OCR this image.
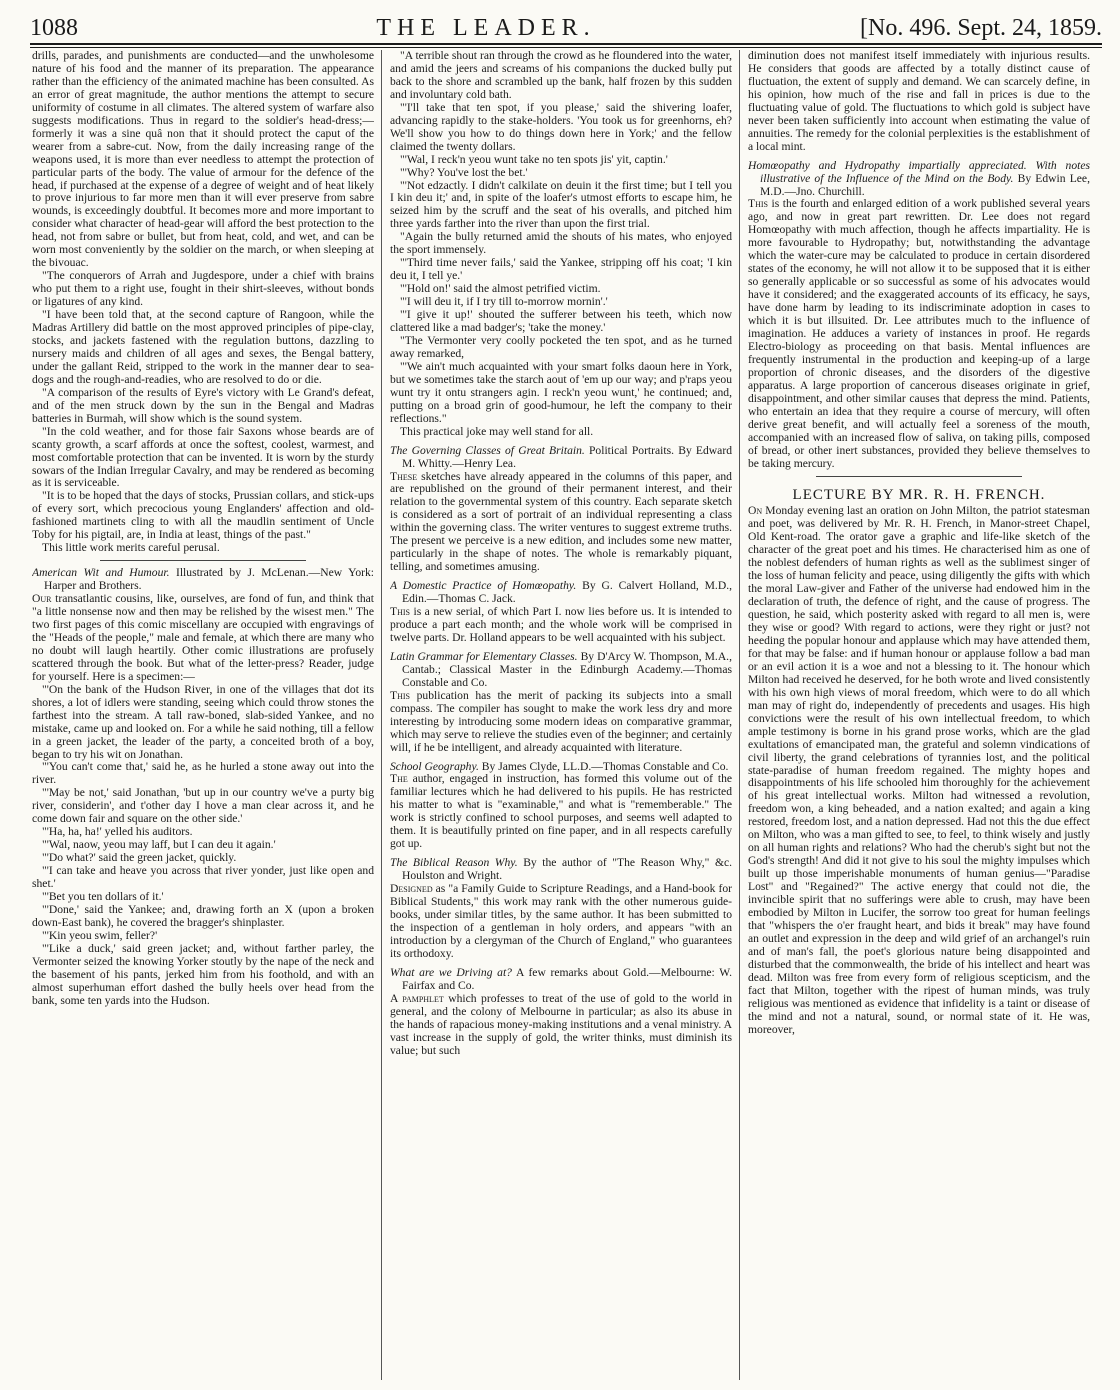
1088	THE LEADER.	[No. 496. Sept. 24, 1859.

drills, parades, and punishments are conducted—and the unwholesome nature of his food and the manner of its preparation. The appearance rather than the efficiency of the animated machine has been consulted. As an error of great magnitude, the author mentions the attempt to secure uniformity of costume in all climates. The altered system of warfare also suggests modifications. Thus in regard to the soldier's head-dress;—formerly it was a sine quâ non that it should protect the caput of the wearer from a sabre-cut. Now, from the daily increasing range of the weapons used, it is more than ever needless to attempt the protection of particular parts of the body. The value of armour for the defence of the head, if purchased at the expense of a degree of weight and of heat likely to prove injurious to far more men than it will ever preserve from sabre wounds, is exceedingly doubtful. It becomes more and more important to consider what character of head-gear will afford the best protection to the head, not from sabre or bullet, but from heat, cold, and wet, and can be worn most conveniently by the soldier on the march, or when sleeping at the bivouac.

"The conquerors of Arrah and Jugdespore, under a chief with brains who put them to a right use, fought in their shirt-sleeves, without bonds or ligatures of any kind.

"I have been told that, at the second capture of Rangoon, while the Madras Artillery did battle on the most approved principles of pipe-clay, stocks, and jackets fastened with the regulation buttons, dazzling to nursery maids and children of all ages and sexes, the Bengal battery, under the gallant Reid, stripped to the work in the manner dear to sea-dogs and the rough-and-readies, who are resolved to do or die.

"A comparison of the results of Eyre's victory with Le Grand's defeat, and of the men struck down by the sun in the Bengal and Madras batteries in Burmah, will show which is the sound system.

"In the cold weather, and for those fair Saxons whose beards are of scanty growth, a scarf affords at once the softest, coolest, warmest, and most comfortable protection that can be invented. It is worn by the sturdy sowars of the Indian Irregular Cavalry, and may be rendered as becoming as it is serviceable.

"It is to be hoped that the days of stocks, Prussian collars, and stick-ups of every sort, which precocious young Englanders' affection and old-fashioned martinets cling to with all the maudlin sentiment of Uncle Toby for his pigtail, are, in India at least, things of the past."

This little work merits careful perusal.

American Wit and Humour. Illustrated by J. McLenan.—New York: Harper and Brothers.
Our transatlantic cousins, like, ourselves, are fond of fun, and think that "a little nonsense now and then may be relished by the wisest men." The two first pages of this comic miscellany are occupied with engravings of the "Heads of the people," male and female, at which there are many who no doubt will laugh heartily. Other comic illustrations are profusely scattered through the book. But what of the letter-press? Reader, judge for yourself. Here is a specimen:—

"'On the bank of the Hudson River, in one of the villages that dot its shores, a lot of idlers were standing, seeing which could throw stones the farthest into the stream. A tall raw-boned, slab-sided Yankee, and no mistake, came up and looked on. For a while he said nothing, till a fellow in a green jacket, the leader of the party, a conceited broth of a boy, began to try his wit on Jonathan.

"'You can't come that,' said he, as he hurled a stone away out into the river.

"'May be not,' said Jonathan, 'but up in our country we've a purty big river, considerin', and t'other day I hove a man clear across it, and he come down fair and square on the other side.'

"'Ha, ha, ha!' yelled his auditors.

"'Wal, naow, yeou may laff, but I can deu it again.'

"'Do what?' said the green jacket, quickly.

"'I can take and heave you across that river yonder, just like open and shet.'

"'Bet you ten dollars of it.'

"'Done,' said the Yankee; and, drawing forth an X (upon a broken down-East bank), he covered the bragger's shinplaster.

"'Kin yeou swim, feller?'

"'Like a duck,' said green jacket; and, without farther parley, the Vermonter seized the knowing Yorker stoutly by the nape of the neck and the basement of his pants, jerked him from his foothold, and with an almost superhuman effort dashed the bully heels over head from the bank, some ten yards into the Hudson.

"A terrible shout ran through the crowd as he floundered into the water, and amid the jeers and screams of his companions the ducked bully put back to the shore and scrambled up the bank, half frozen by this sudden and involuntary cold bath.

"'I'll take that ten spot, if you please,' said the shivering loafer, advancing rapidly to the stake-holders. 'You took us for greenhorns, eh? We'll show you how to do things down here in York;' and the fellow claimed the twenty dollars.

"'Wal, I reck'n yeou wunt take no ten spots jis' yit, captin.'

"'Why? You've lost the bet.'

"'Not edzactly. I didn't calkilate on deuin it the first time; but I tell you I kin deu it;' and, in spite of the loafer's utmost efforts to escape him, he seized him by the scruff and the seat of his overalls, and pitched him three yards farther into the river than upon the first trial.

"Again the bully returned amid the shouts of his mates, who enjoyed the sport immensely.

"'Third time never fails,' said the Yankee, stripping off his coat; 'I kin deu it, I tell ye.'

"'Hold on!' said the almost petrified victim.

"'I will deu it, if I try till to-morrow mornin'.'

"'I give it up!' shouted the sufferer between his teeth, which now clattered like a mad badger's; 'take the money.'

"The Vermonter very coolly pocketed the ten spot, and as he turned away remarked,

"'We ain't much acquainted with your smart folks daoun here in York, but we sometimes take the starch aout of 'em up our way; and p'raps yeou wunt try it ontu strangers agin. I reck'n yeou wunt,' he continued; and, putting on a broad grin of good-humour, he left the company to their reflections."

This practical joke may well stand for all.

The Governing Classes of Great Britain. Political Portraits. By Edward M. Whitty.—Henry Lea.
These sketches have already appeared in the columns of this paper, and are republished on the ground of their permanent interest, and their relation to the governmental system of this country. Each separate sketch is considered as a sort of portrait of an individual representing a class within the governing class. The writer ventures to suggest extreme truths. The present we perceive is a new edition, and includes some new matter, particularly in the shape of notes. The whole is remarkably piquant, telling, and sometimes amusing.

A Domestic Practice of Homœopathy. By G. Calvert Holland, M.D., Edin.—Thomas C. Jack.
This is a new serial, of which Part I. now lies before us. It is intended to produce a part each month; and the whole work will be comprised in twelve parts. Dr. Holland appears to be well acquainted with his subject.

Latin Grammar for Elementary Classes. By D'Arcy W. Thompson, M.A., Cantab.; Classical Master in the Edinburgh Academy.—Thomas Constable and Co.
This publication has the merit of packing its subjects into a small compass. The compiler has sought to make the work less dry and more interesting by introducing some modern ideas on comparative grammar, which may serve to relieve the studies even of the beginner; and certainly will, if he be intelligent, and already acquainted with literature.

School Geography. By James Clyde, LL.D.—Thomas Constable and Co.
The author, engaged in instruction, has formed this volume out of the familiar lectures which he had delivered to his pupils. He has restricted his matter to what is "examinable," and what is "rememberable." The work is strictly confined to school purposes, and seems well adapted to them. It is beautifully printed on fine paper, and in all respects carefully got up.

The Biblical Reason Why. By the author of "The Reason Why," &c. Houlston and Wright.
Designed as "a Family Guide to Scripture Readings, and a Hand-book for Biblical Students," this work may rank with the other numerous guide-books, under similar titles, by the same author. It has been submitted to the inspection of a gentleman in holy orders, and appears "with an introduction by a clergyman of the Church of England," who guarantees its orthodoxy.

What are we Driving at? A few remarks about Gold.—Melbourne: W. Fairfax and Co.
A pamphlet which professes to treat of the use of gold to the world in general, and the colony of Melbourne in particular; as also its abuse in the hands of rapacious money-making institutions and a venal ministry. A vast increase in the supply of gold, the writer thinks, must diminish its value; but such

diminution does not manifest itself immediately with injurious results. He considers that goods are affected by a totally distinct cause of fluctuation, the extent of supply and demand. We can scarcely define, in his opinion, how much of the rise and fall in prices is due to the fluctuating value of gold. The fluctuations to which gold is subject have never been taken sufficiently into account when estimating the value of annuities. The remedy for the colonial perplexities is the establishment of a local mint.

Homœopathy and Hydropathy impartially appreciated. With notes illustrative of the Influence of the Mind on the Body. By Edwin Lee, M.D.—Jno. Churchill.
This is the fourth and enlarged edition of a work published several years ago, and now in great part rewritten. Dr. Lee does not regard Homœopathy with much affection, though he affects impartiality. He is more favourable to Hydropathy; but, notwithstanding the advantage which the water-cure may be calculated to produce in certain disordered states of the economy, he will not allow it to be supposed that it is either so generally applicable or so successful as some of his advocates would have it considered; and the exaggerated accounts of its efficacy, he says, have done harm by leading to its indiscriminate adoption in cases to which it is but illsuited. Dr. Lee attributes much to the influence of imagination. He adduces a variety of instances in proof. He regards Electro-biology as proceeding on that basis. Mental influences are frequently instrumental in the production and keeping-up of a large proportion of chronic diseases, and the disorders of the digestive apparatus. A large proportion of cancerous diseases originate in grief, disappointment, and other similar causes that depress the mind. Patients, who entertain an idea that they require a course of mercury, will often derive great benefit, and will actually feel a soreness of the mouth, accompanied with an increased flow of saliva, on taking pills, composed of bread, or other inert substances, provided they believe themselves to be taking mercury.

LECTURE BY MR. R. H. FRENCH.

On Monday evening last an oration on John Milton, the patriot statesman and poet, was delivered by Mr. R. H. French, in Manor-street Chapel, Old Kent-road. The orator gave a graphic and life-like sketch of the character of the great poet and his times. He characterised him as one of the noblest defenders of human rights as well as the sublimest singer of the loss of human felicity and peace, using diligently the gifts with which the moral Law-giver and Father of the universe had endowed him in the declaration of truth, the defence of right, and the cause of progress. The question, he said, which posterity asked with regard to all men is, were they wise or good? With regard to actions, were they right or just? not heeding the popular honour and applause which may have attended them, for that may be false: and if human honour or applause follow a bad man or an evil action it is a woe and not a blessing to it. The honour which Milton had received he deserved, for he both wrote and lived consistently with his own high views of moral freedom, which were to do all which man may of right do, independently of precedents and usages. His high convictions were the result of his own intellectual freedom, to which ample testimony is borne in his grand prose works, which are the glad exultations of emancipated man, the grateful and solemn vindications of civil liberty, the grand celebrations of tyrannies lost, and the political state-paradise of human freedom regained. The mighty hopes and disappointments of his life schooled him thoroughly for the achievement of his great intellectual works. Milton had witnessed a revolution, freedom won, a king beheaded, and a nation exalted; and again a king restored, freedom lost, and a nation depressed. Had not this the due effect on Milton, who was a man gifted to see, to feel, to think wisely and justly on all human rights and relations? Who had the cherub's sight but not the God's strength! And did it not give to his soul the mighty impulses which built up those imperishable monuments of human genius—"Paradise Lost" and "Regained?" The active energy that could not die, the invincible spirit that no sufferings were able to crush, may have been embodied by Milton in Lucifer, the sorrow too great for human feelings that "whispers the o'er fraught heart, and bids it break" may have found an outlet and expression in the deep and wild grief of an archangel's ruin and of man's fall, the poet's glorious nature being disappointed and disturbed that the commonwealth, the bride of his intellect and heart was dead. Milton was free from every form of religious scepticism, and the fact that Milton, together with the ripest of human minds, was truly religious was mentioned as evidence that infidelity is a taint or disease of the mind and not a natural, sound, or normal state of it. He was, moreover,
